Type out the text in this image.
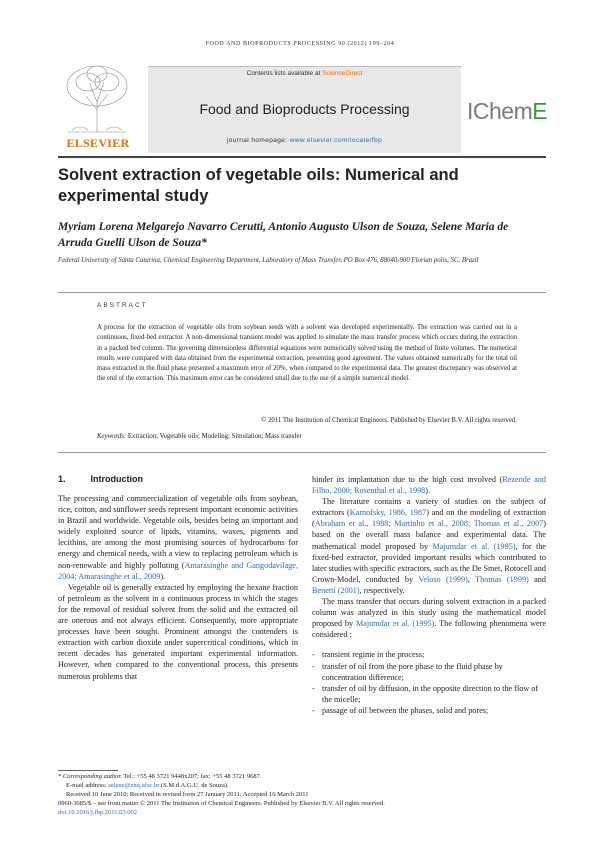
FOOD AND BIOPRODUCTS PROCESSING 90 (2012) 199–204
ELSEVIER
Contents lists available at ScienceDirect
Food and Bioproducts Processing
journal homepage: www.elsevier.com/locate/fbp
IChemE
Solvent extraction of vegetable oils: Numerical and experimental study
Myriam Lorena Melgarejo Navarro Cerutti, Antonio Augusto Ulson de Souza, Selene Maria de Arruda Guelli Ulson de Souza*
Federal University of Santa Catarina, Chemical Engineering Department, Laboratory of Mass Transfer, PO Box 476, 88040-900 Florian polis, SC, Brazil
ABSTRACT
A process for the extraction of vegetable oils from soybean seeds with a solvent was developed experimentally. The extraction was carried out in a continuous, fixed-bed extractor. A non-dimensional transient model was applied to simulate the mass transfer process which occurs during the extraction in a packed bed column. The governing dimensionless differential equations were numerically solved using the method of finite volumes. The numerical results were compared with data obtained from the experimental extraction, presenting good agreement. The values obtained numerically for the total oil mass extracted in the fluid phase presented a maximum error of 20%, when compared to the experimental data. The greatest discrepancy was observed at the end of the extraction. This maximum error can be considered small due to the use of a simple numerical model.
© 2011 The Institution of Chemical Engineers. Published by Elsevier B.V. All rights reserved.
Keywords: Extraction; Vegetable oils; Modeling; Simulation; Mass transfer
1.	Introduction

The processing and commercialization of vegetable oils from soybean, rice, cotton, and sunflower seeds represent important economic activities in Brazil and worldwide. Vegetable oils, besides being an important and widely exploited source of lipids, vitamins, waxes, pigments and lecithins, are among the most promising sources of hydrocarbons for energy and chemical needs, with a view to replacing petroleum which is non-renewable and highly polluting (Amarasinghe and Gangodavilage, 2004; Amarasinghe et al., 2009).

Vegetable oil is generally extracted by employing the hexane fraction of petroleum as the solvent in a continuous process in which the stages for the removal of residual solvent from the solid and the extracted oil are onerous and not always efficient. Consequently, more appropriate processes have been sought. Prominent amongst the contenders is extraction with carbon dioxide under supercritical conditions, which in recent decades has generated important experimental information. However, when compared to the conventional process, this presents numerous problems that

hinder its implantation due to the high cost involved (Rezende and Filho, 2000; Rosenthal et al., 1998).

The literature contains a variety of studies on the subject of extractors (Karnofsky, 1986, 1987) and on the modeling of extraction (Abraham et al., 1988; Martinho et al., 2008; Thomas et al., 2007) based on the overall mass balance and experimental data. The mathematical model proposed by Majumdar et al. (1995), for the fixed-bed extractor, provided important results which contributed to later studies with specific extractors, such as the De Smet, Rotocell and Crown-Model, conducted by Veloso (1999), Thomas (1999) and Benetti (2001), respectively.

The mass transfer that occurs during solvent extraction in a packed column was analyzed in this study using the mathematical model proposed by Majumdar et al. (1995). The following phenomena were considered :

- transient regime in the process;
- transfer of oil from the pore phase to the fluid phase by concentration difference;
- transfer of oil by diffusion, in the opposite direction to the flow of the micelle;
- passage of oil between the phases, solid and pores;
* Corresponding author. Tel.: +55 48 3721 9448x207; fax: +55 48 3721 9687.
E-mail address: selene@enq.ufsc.br (S.M.d.A.G.U. de Souza).
Received 10 June 2010; Received in revised form 27 January 2011; Accepted 16 March 2011
0960-3085/$ – see front matter © 2011 The Institution of Chemical Engineers. Published by Elsevier B.V. All rights reserved.
doi:10.1016/j.fbp.2011.03.002
